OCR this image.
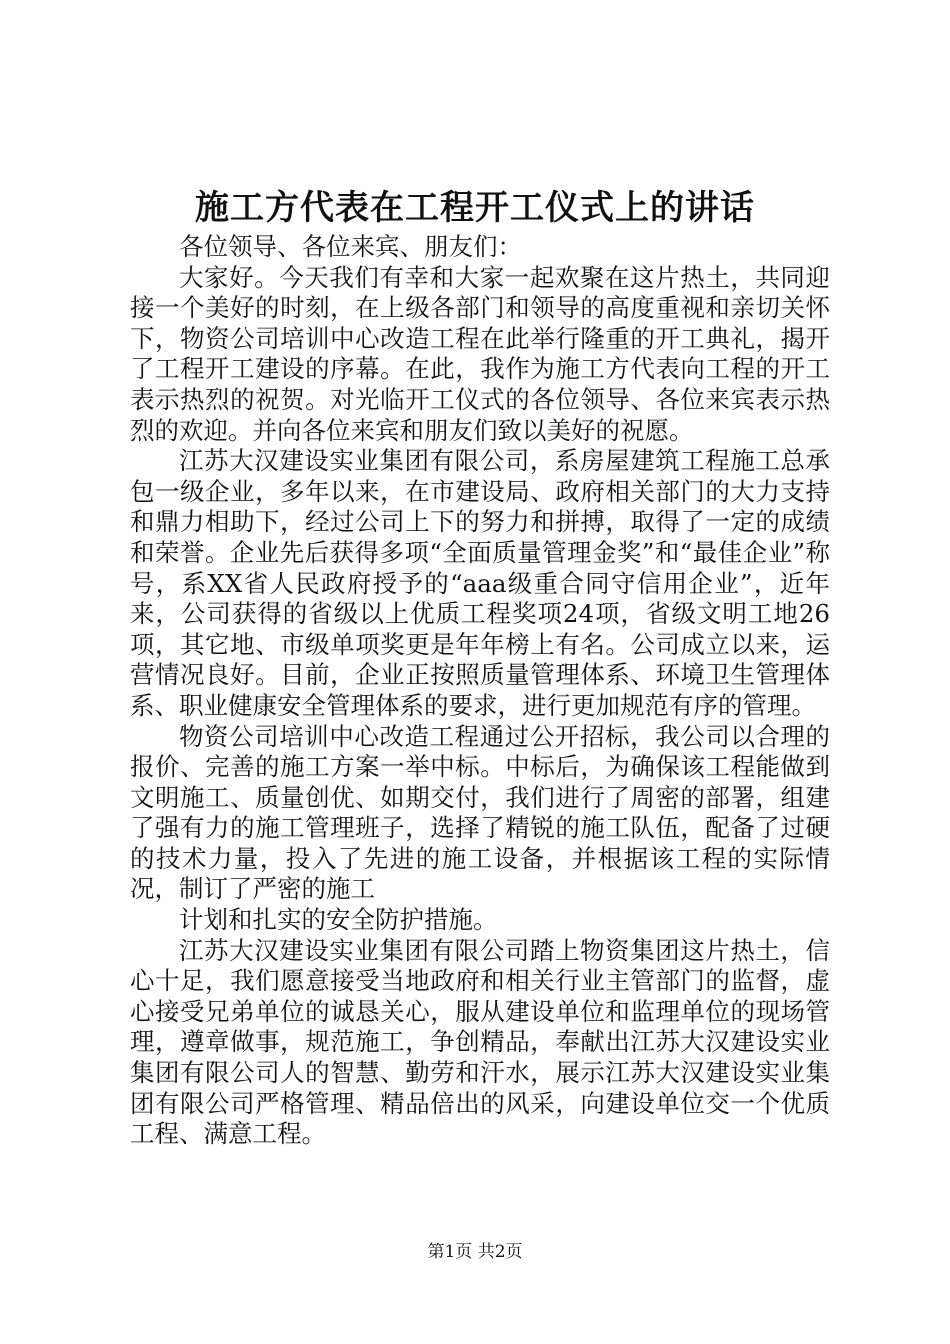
施工方代表在工程开工仪式上的讲话

各位领导、各位来宾、朋友们：

大家好。今天我们有幸和大家一起欢聚在这片热土，共同迎接一个美好的时刻，在上级各部门和领导的高度重视和亲切关怀下，物资公司培训中心改造工程在此举行隆重的开工典礼，揭开了工程开工建设的序幕。在此，我作为施工方代表向工程的开工表示热烈的祝贺。对光临开工仪式的各位领导、各位来宾表示热烈的欢迎。并向各位来宾和朋友们致以美好的祝愿。

江苏大汉建设实业集团有限公司，系房屋建筑工程施工总承包一级企业，多年以来，在市建设局、政府相关部门的大力支持和鼎力相助下，经过公司上下的努力和拼搏，取得了一定的成绩和荣誉。企业先后获得多项“全面质量管理金奖”和“最佳企业”称号，系XX省人民政府授予的“aaa级重合同守信用企业”，近年来，公司获得的省级以上优质工程奖项24项，省级文明工地26项，其它地、市级单项奖更是年年榜上有名。公司成立以来，运营情况良好。目前，企业正按照质量管理体系、环境卫生管理体系、职业健康安全管理体系的要求，进行更加规范有序的管理。

物资公司培训中心改造工程通过公开招标，我公司以合理的报价、完善的施工方案一举中标。中标后，为确保该工程能做到文明施工、质量创优、如期交付，我们进行了周密的部署，组建了强有力的施工管理班子，选择了精锐的施工队伍，配备了过硬的技术力量，投入了先进的施工设备，并根据该工程的实际情况，制订了严密的施工

计划和扎实的安全防护措施。

江苏大汉建设实业集团有限公司踏上物资集团这片热土，信心十足，我们愿意接受当地政府和相关行业主管部门的监督，虚心接受兄弟单位的诚恳关心，服从建设单位和监理单位的现场管理，遵章做事，规范施工，争创精品，奉献出江苏大汉建设实业集团有限公司人的智慧、勤劳和汗水，展示江苏大汉建设实业集团有限公司严格管理、精品倍出的风采，向建设单位交一个优质工程、满意工程。

第1页 共2页
